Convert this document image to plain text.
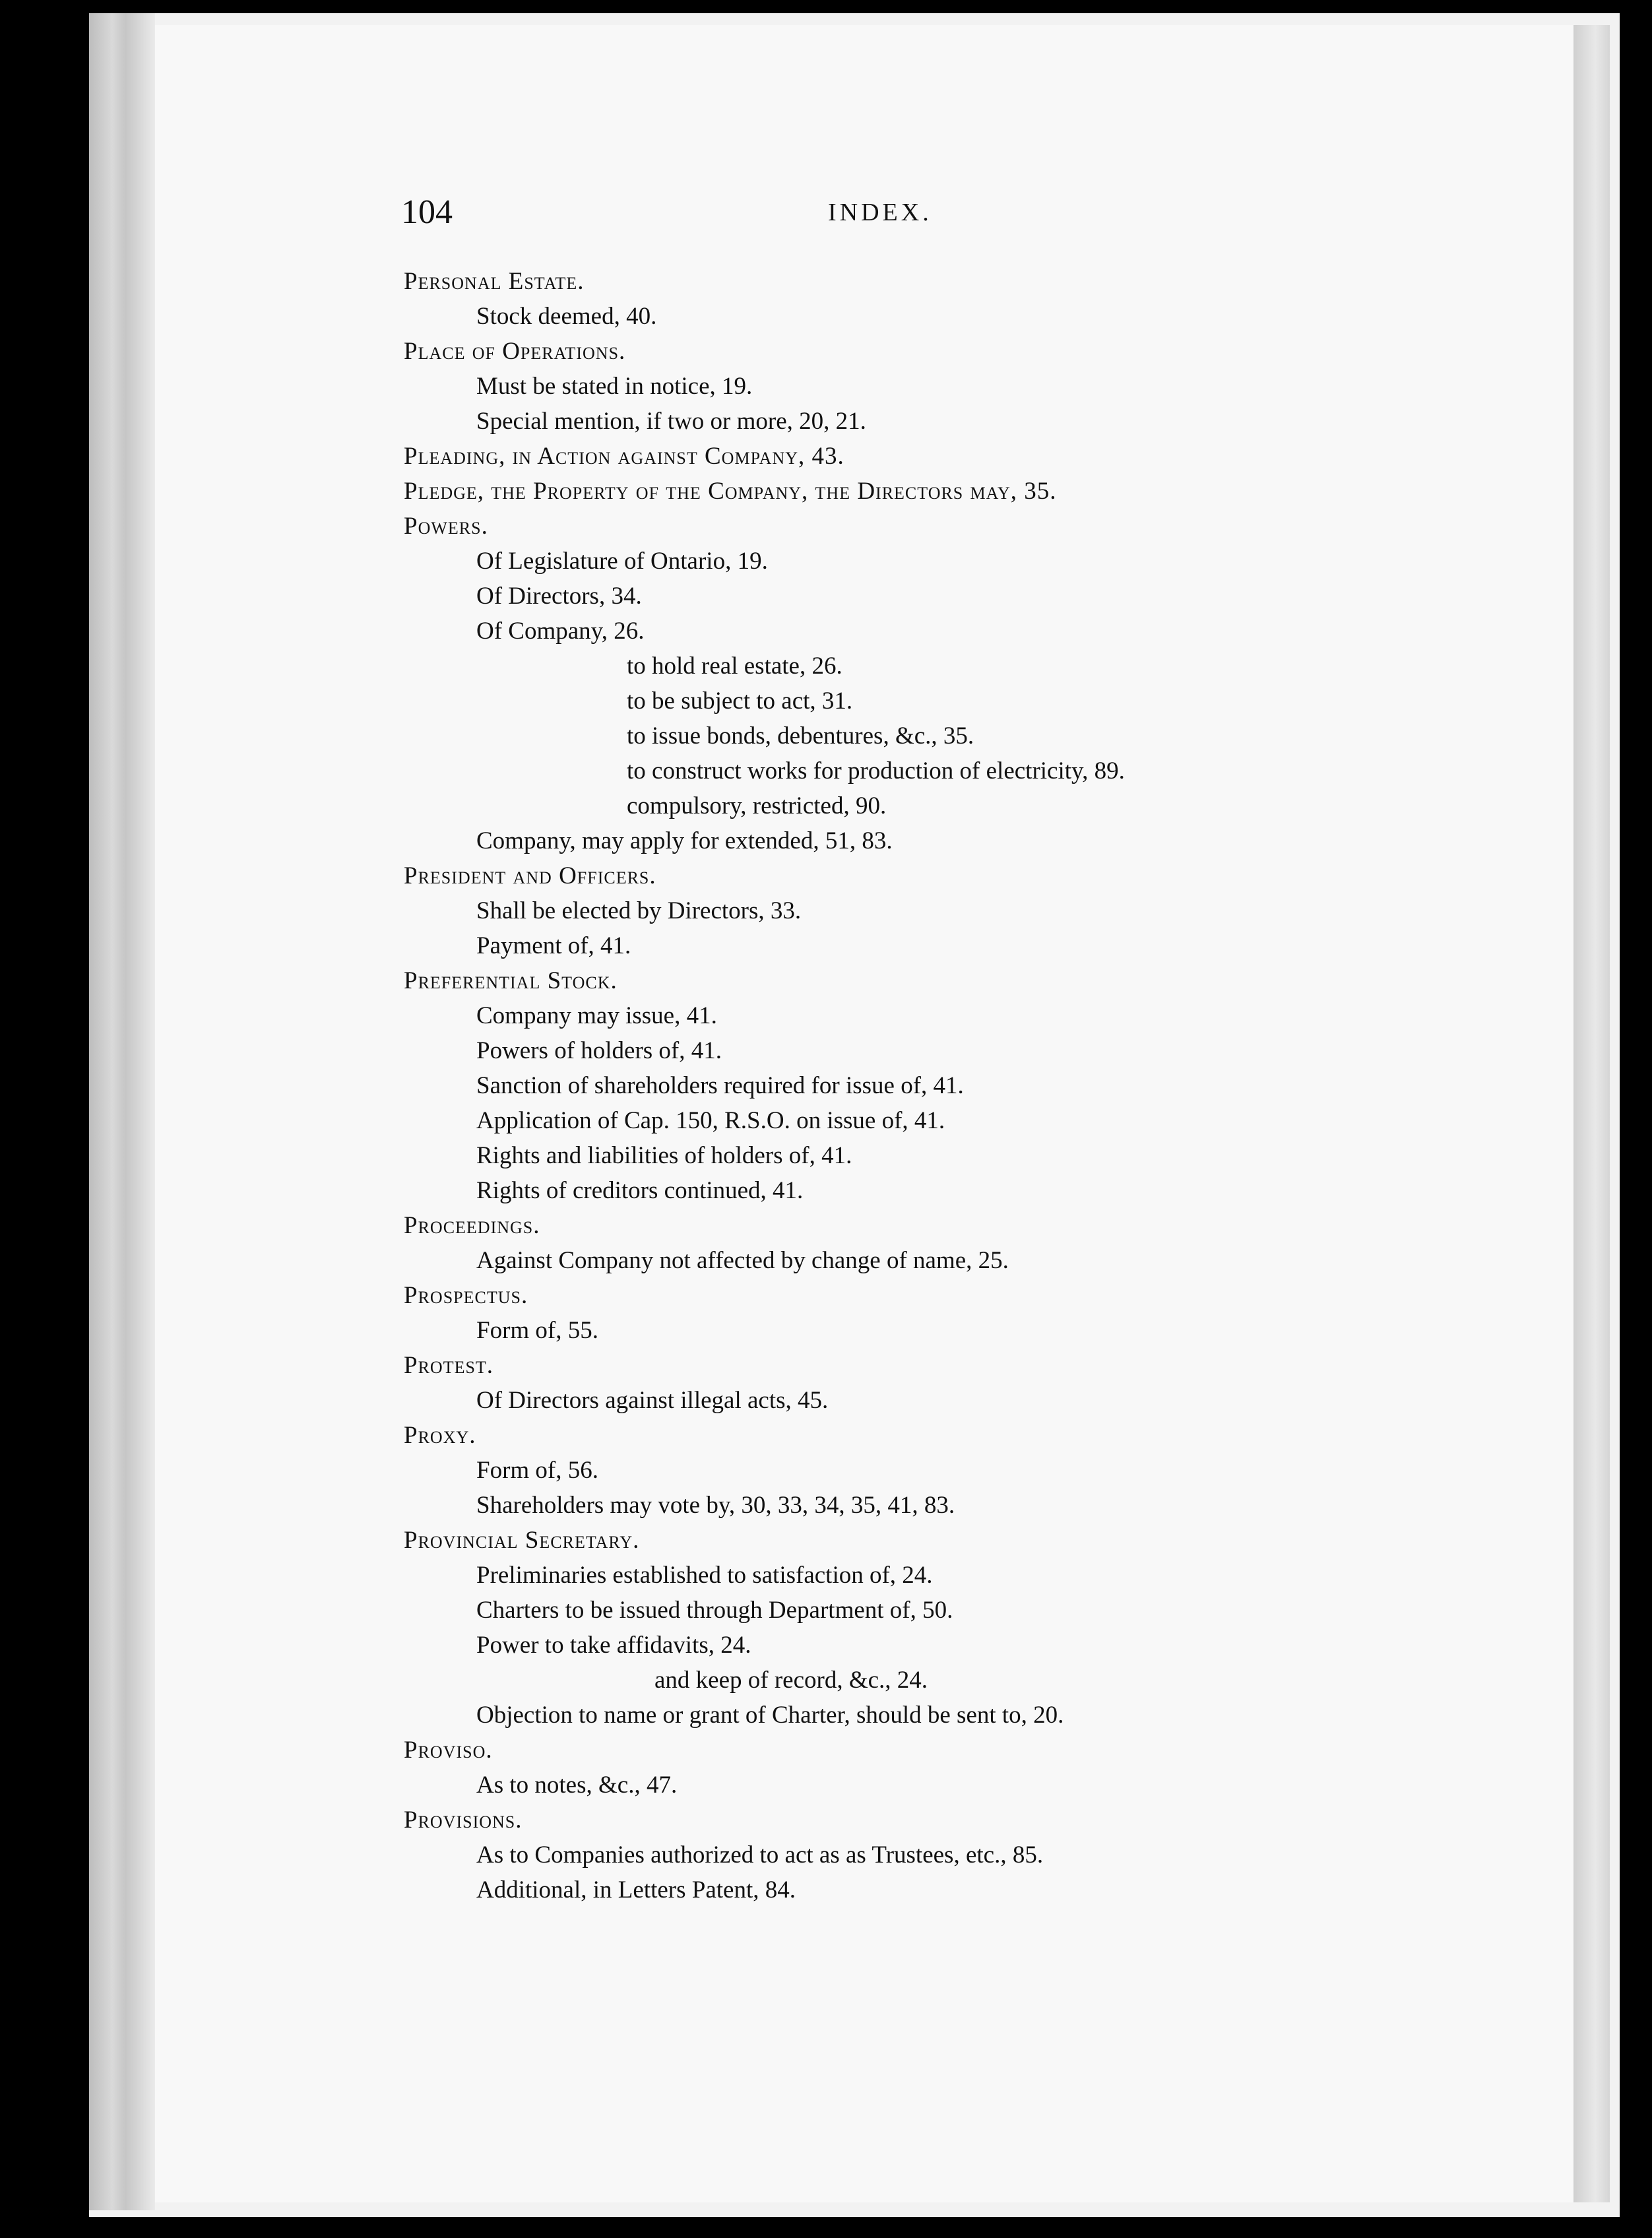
104	INDEX.
Personal Estate.
Stock deemed, 40.
Place of Operations.
Must be stated in notice, 19.
Special mention, if two or more, 20, 21.
Pleading, in Action against Company, 43.
Pledge, the Property of the Company, the Directors may, 35.
Powers.
Of Legislature of Ontario, 19.
Of Directors, 34.
Of Company, 26.
to hold real estate, 26.
to be subject to act, 31.
to issue bonds, debentures, &c., 35.
to construct works for production of electricity, 89.
compulsory, restricted, 90.
Company, may apply for extended, 51, 83.
President and Officers.
Shall be elected by Directors, 33.
Payment of, 41.
Preferential Stock.
Company may issue, 41.
Powers of holders of, 41.
Sanction of shareholders required for issue of, 41.
Application of Cap. 150, R.S.O. on issue of, 41.
Rights and liabilities of holders of, 41.
Rights of creditors continued, 41.
Proceedings.
Against Company not affected by change of name, 25.
Prospectus.
Form of, 55.
Protest.
Of Directors against illegal acts, 45.
Proxy.
Form of, 56.
Shareholders may vote by, 30, 33, 34, 35, 41, 83.
Provincial Secretary.
Preliminaries established to satisfaction of, 24.
Charters to be issued through Department of, 50.
Power to take affidavits, 24.
and keep of record, &c., 24.
Objection to name or grant of Charter, should be sent to, 20.
Proviso.
As to notes, &c., 47.
Provisions.
As to Companies authorized to act as as Trustees, etc., 85.
Additional, in Letters Patent, 84.
